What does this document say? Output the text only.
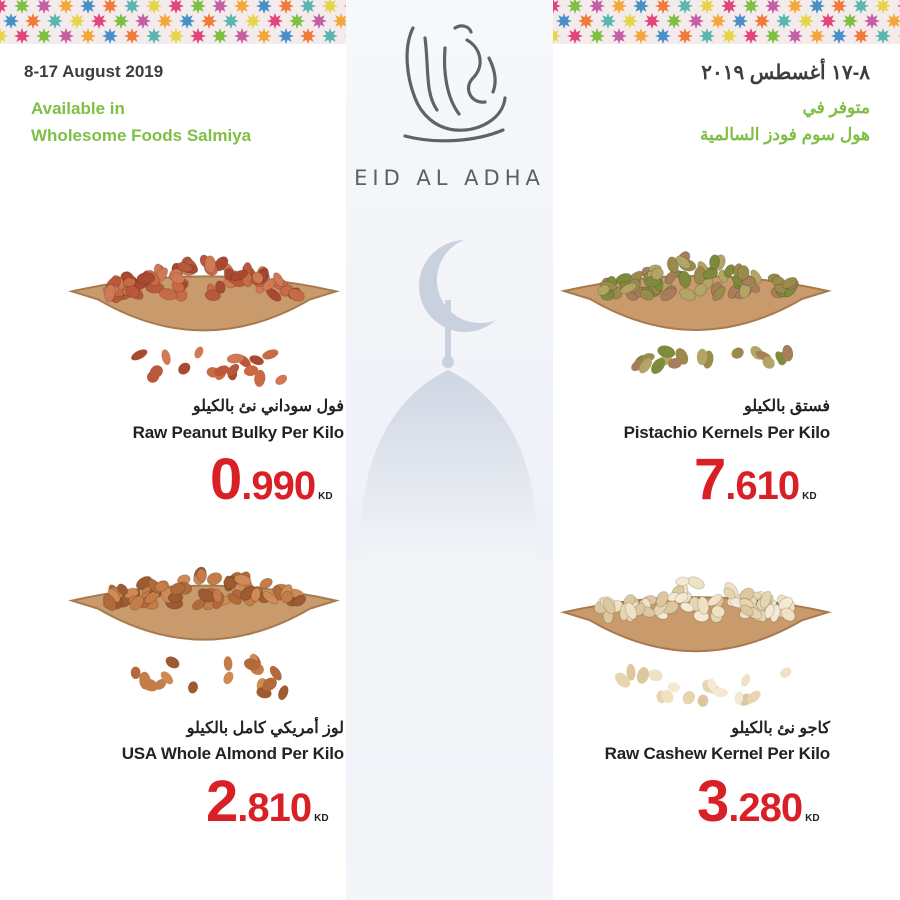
EID AL ADHA
8-17 August 2019
Available in
Wholesome Foods Salmiya
٨-١٧ أغسطس ٢٠١٩
متوفر في
هول سوم فودز السالمية
فول سوداني نئ بالكيلو
Raw Peanut Bulky Per Kilo
0.990 KD
فستق بالكيلو
Pistachio Kernels Per Kilo
7.610 KD
لوز أمريكي كامل بالكيلو
USA Whole Almond Per Kilo
2.810 KD
كاجو نئ بالكيلو
Raw Cashew Kernel Per Kilo
3.280 KD
